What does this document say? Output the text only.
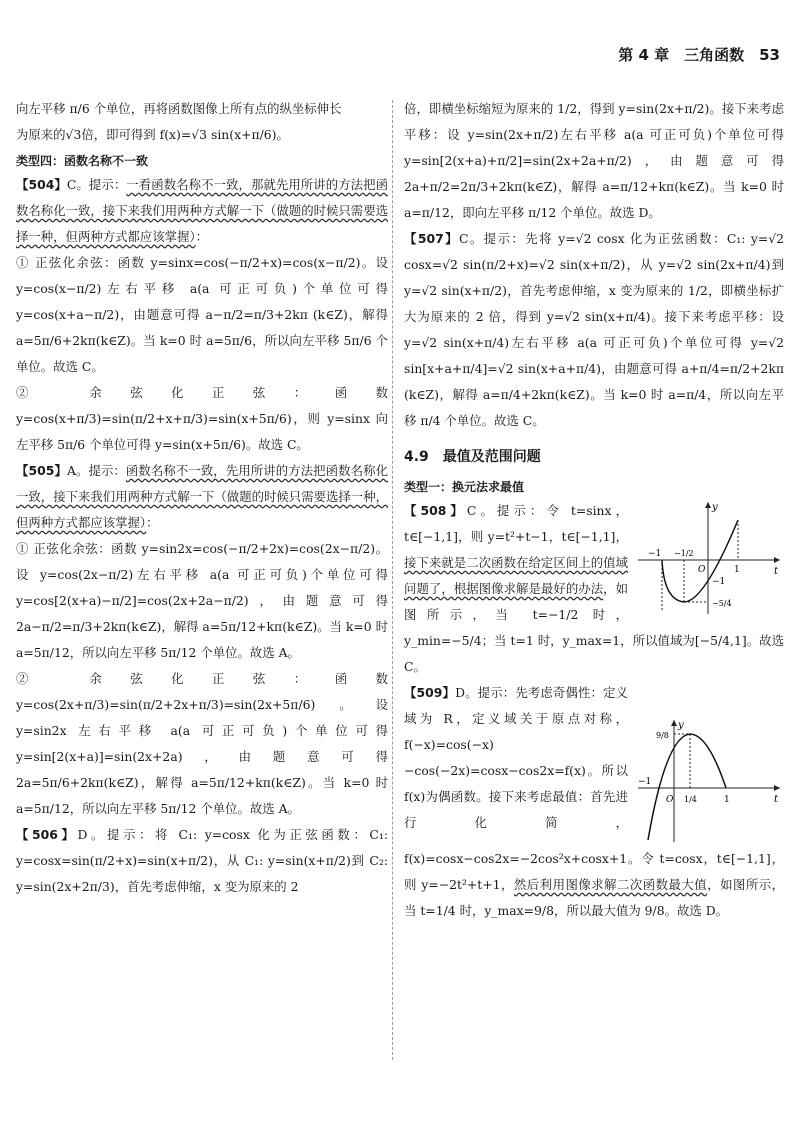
第 4 章　三角函数　53

向左平移 π/6 个单位，再将函数图像上所有点的纵坐标伸长

为原来的√3倍，即可得到 f(x)=√3 sin(x+π/6)。

类型四：函数名称不一致

【504】C。提示：一看函数名称不一致，那就先用所讲的方法把函数名称化一致，接下来我们用两种方式解一下（做题的时候只需要选择一种，但两种方式都应该掌握）：

① 正弦化余弦：函数 y=sinx=cos(−π/2+x)=cos(x−π/2)。设 y=cos(x−π/2)左右平移 a(a 可正可负)个单位可得 y=cos(x+a−π/2)，由题意可得 a−π/2=π/3+2kπ (k∈Z)，解得 a=5π/6+2kπ(k∈Z)。当 k=0 时 a=5π/6，所以向左平移 5π/6 个单位。故选 C。

② 余弦化正弦：函数 y=cos(x+π/3)=sin(π/2+x+π/3)=sin(x+5π/6)，则 y=sinx 向左平移 5π/6 个单位可得 y=sin(x+5π/6)。故选 C。

【505】A。提示：函数名称不一致，先用所讲的方法把函数名称化一致，接下来我们用两种方式解一下（做题的时候只需要选择一种，但两种方式都应该掌握）：

① 正弦化余弦：函数 y=sin2x=cos(−π/2+2x)=cos(2x−π/2)。设 y=cos(2x−π/2)左右平移 a(a 可正可负)个单位可得 y=cos[2(x+a)−π/2]=cos(2x+2a−π/2)，由题意可得 2a−π/2=π/3+2kπ(k∈Z)，解得 a=5π/12+kπ(k∈Z)。当 k=0 时 a=5π/12，所以向左平移 5π/12 个单位。故选 A。

② 余弦化正弦：函数 y=cos(2x+π/3)=sin(π/2+2x+π/3)=sin(2x+5π/6)。设 y=sin2x 左右平移 a(a 可正可负)个单位可得 y=sin[2(x+a)]=sin(2x+2a)，由题意可得 2a=5π/6+2kπ(k∈Z)，解得 a=5π/12+kπ(k∈Z)。当 k=0 时 a=5π/12，所以向左平移 5π/12 个单位。故选 A。

【506】D。提示：将 C₁: y=cosx 化为正弦函数：C₁: y=cosx=sin(π/2+x)=sin(x+π/2)，从 C₁: y=sin(x+π/2)到 C₂: y=sin(2x+2π/3)，首先考虑伸缩，x 变为原来的 2

倍，即横坐标缩短为原来的 1/2，得到 y=sin(2x+π/2)。接下来考虑平移：设 y=sin(2x+π/2)左右平移 a(a 可正可负)个单位可得 y=sin[2(x+a)+π/2]=sin(2x+2a+π/2)，由题意可得 2a+π/2=2π/3+2kπ(k∈Z)，解得 a=π/12+kπ(k∈Z)。当 k=0 时 a=π/12，即向左平移 π/12 个单位。故选 D。

【507】C。提示：先将 y=√2 cosx 化为正弦函数：C₁: y=√2 cosx=√2 sin(π/2+x)=√2 sin(x+π/2)，从 y=√2 sin(2x+π/4)到 y=√2 sin(x+π/2)，首先考虑伸缩，x 变为原来的 1/2，即横坐标扩大为原来的 2 倍，得到 y=√2 sin(x+π/4)。接下来考虑平移：设 y=√2 sin(x+π/4)左右平移 a(a 可正可负)个单位可得 y=√2 sin[x+a+π/4]=√2 sin(x+a+π/4)，由题意可得 a+π/4=π/2+2kπ (k∈Z)，解得 a=π/4+2kπ(k∈Z)。当 k=0 时 a=π/4，所以向左平移 π/4 个单位。故选 C。

4.9　最值及范围问题

类型一：换元法求最值

y
t
−1 −1/2
1
O
−1
−5/4

【508】C。提示：令 t=sinx，t∈[−1,1]，则 y=t²+t−1，t∈[−1,1]，接下来就是二次函数在给定区间上的值域问题了，根据图像求解是最好的办法，如图所示，当 t=−1/2 时，y_min=−5/4；当 t=1 时，y_max=1，所以值域为[−5/4,1]。故选 C。

y
t
−1
9/8
O 1/4	1

【509】D。提示：先考虑奇偶性：定义域为 R，定义域关于原点对称，f(−x)=cos(−x)−cos(−2x)=cosx−cos2x=f(x)。所以 f(x)为偶函数。接下来考虑最值：首先进行化简，f(x)=cosx−cos2x=−2cos²x+cosx+1。令 t=cosx，t∈[−1,1]，则 y=−2t²+t+1，然后利用图像求解二次函数最大值，如图所示，当 t=1/4 时，y_max=9/8，所以最大值为 9/8。故选 D。
